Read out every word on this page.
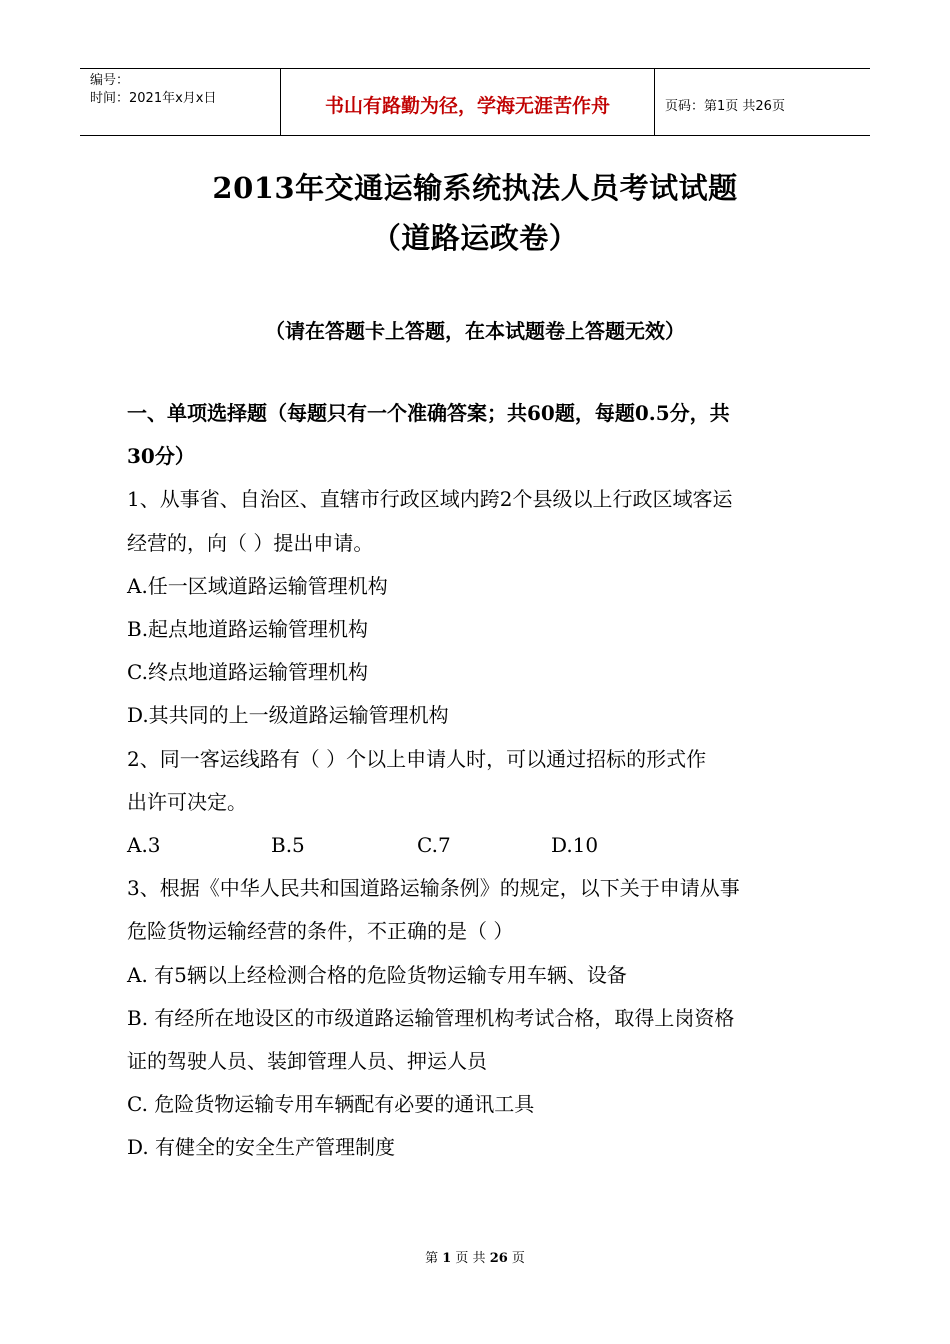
编号：
时间：2021年x月x日	书山有路勤为径，学海无涯苦作舟	页码：第1页 共26页
2013年交通运输系统执法人员考试试题
（道路运政卷）
（请在答题卡上答题，在本试题卷上答题无效）
一、单项选择题（每题只有一个准确答案；共60题，每题0.5分，共
30分）
1、从事省、自治区、直辖市行政区域内跨2个县级以上行政区域客运
经营的，向（ ）提出申请。
A.任一区域道路运输管理机构
B.起点地道路运输管理机构
C.终点地道路运输管理机构
D.其共同的上一级道路运输管理机构
2、同一客运线路有（ ）个以上申请人时，可以通过招标的形式作
出许可决定。
A.3	B.5	C.7	D.10
3、根据《中华人民共和国道路运输条例》的规定，以下关于申请从事
危险货物运输经营的条件，不正确的是（ ）
A. 有5辆以上经检测合格的危险货物运输专用车辆、设备
B. 有经所在地设区的市级道路运输管理机构考试合格，取得上岗资格
证的驾驶人员、装卸管理人员、押运人员
C. 危险货物运输专用车辆配有必要的通讯工具
D. 有健全的安全生产管理制度
第 1 页 共 26 页
